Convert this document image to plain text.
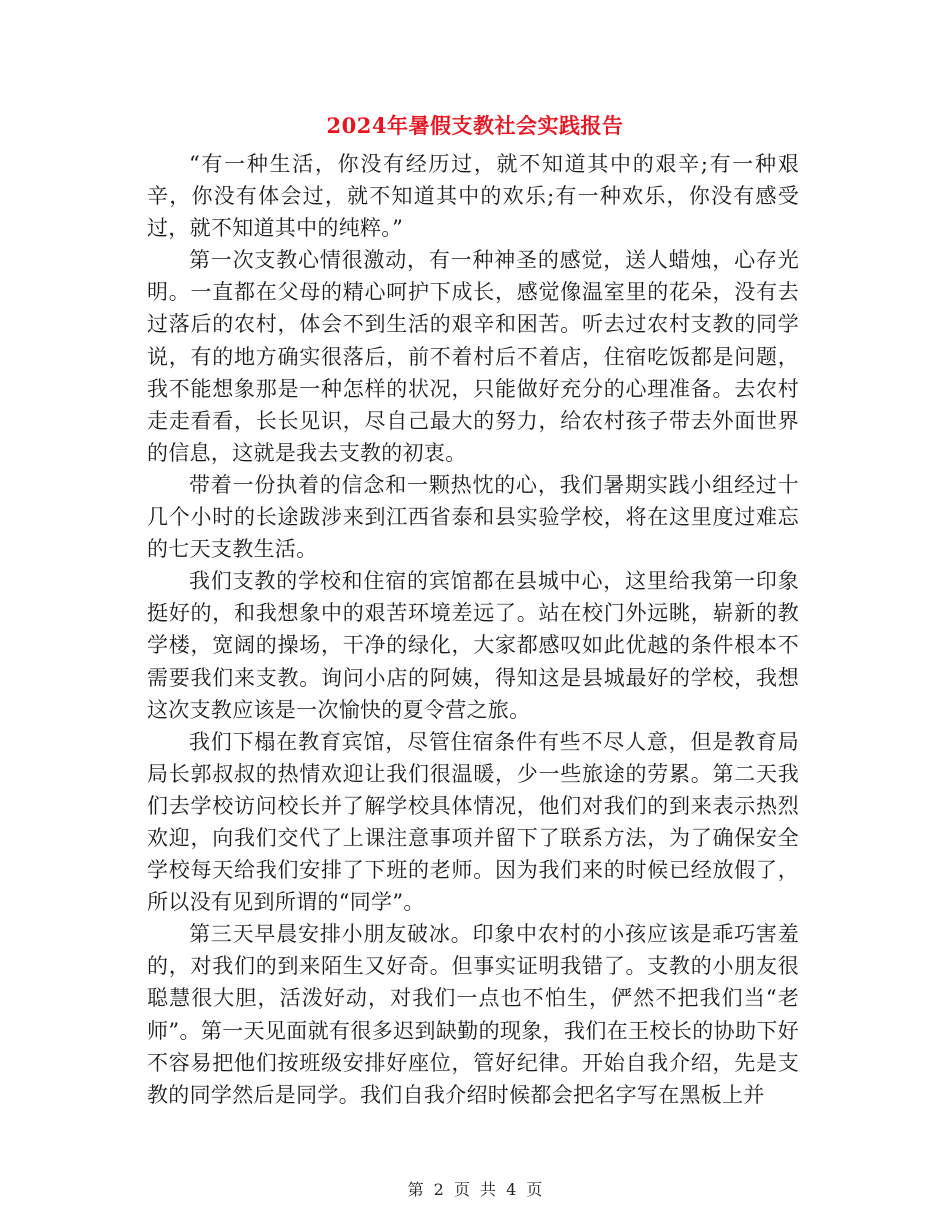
2024年暑假支教社会实践报告

“有一种生活，你没有经历过，就不知道其中的艰辛;有一种艰辛，你没有体会过，就不知道其中的欢乐;有一种欢乐，你没有感受过，就不知道其中的纯粹。”

第一次支教心情很激动，有一种神圣的感觉，送人蜡烛，心存光明。一直都在父母的精心呵护下成长，感觉像温室里的花朵，没有去过落后的农村，体会不到生活的艰辛和困苦。听去过农村支教的同学说，有的地方确实很落后，前不着村后不着店，住宿吃饭都是问题，我不能想象那是一种怎样的状况，只能做好充分的心理准备。去农村走走看看，长长见识，尽自己最大的努力，给农村孩子带去外面世界的信息，这就是我去支教的初衷。

带着一份执着的信念和一颗热忱的心，我们暑期实践小组经过十几个小时的长途跋涉来到江西省泰和县实验学校，将在这里度过难忘的七天支教生活。

我们支教的学校和住宿的宾馆都在县城中心，这里给我第一印象挺好的，和我想象中的艰苦环境差远了。站在校门外远眺，崭新的教学楼，宽阔的操场，干净的绿化，大家都感叹如此优越的条件根本不需要我们来支教。询问小店的阿姨，得知这是县城最好的学校，我想这次支教应该是一次愉快的夏令营之旅。

我们下榻在教育宾馆，尽管住宿条件有些不尽人意，但是教育局局长郭叔叔的热情欢迎让我们很温暖，少一些旅途的劳累。第二天我们去学校访问校长并了解学校具体情况，他们对我们的到来表示热烈欢迎，向我们交代了上课注意事项并留下了联系方法，为了确保安全学校每天给我们安排了下班的老师。因为我们来的时候已经放假了，所以没有见到所谓的“同学”。

第三天早晨安排小朋友破冰。印象中农村的小孩应该是乖巧害羞的，对我们的到来陌生又好奇。但事实证明我错了。支教的小朋友很聪慧很大胆，活泼好动，对我们一点也不怕生，俨然不把我们当“老师”。第一天见面就有很多迟到缺勤的现象，我们在王校长的协助下好不容易把他们按班级安排好座位，管好纪律。开始自我介绍，先是支教的同学然后是同学。我们自我介绍时候都会把名字写在黑板上并

第 2 页 共 4 页
